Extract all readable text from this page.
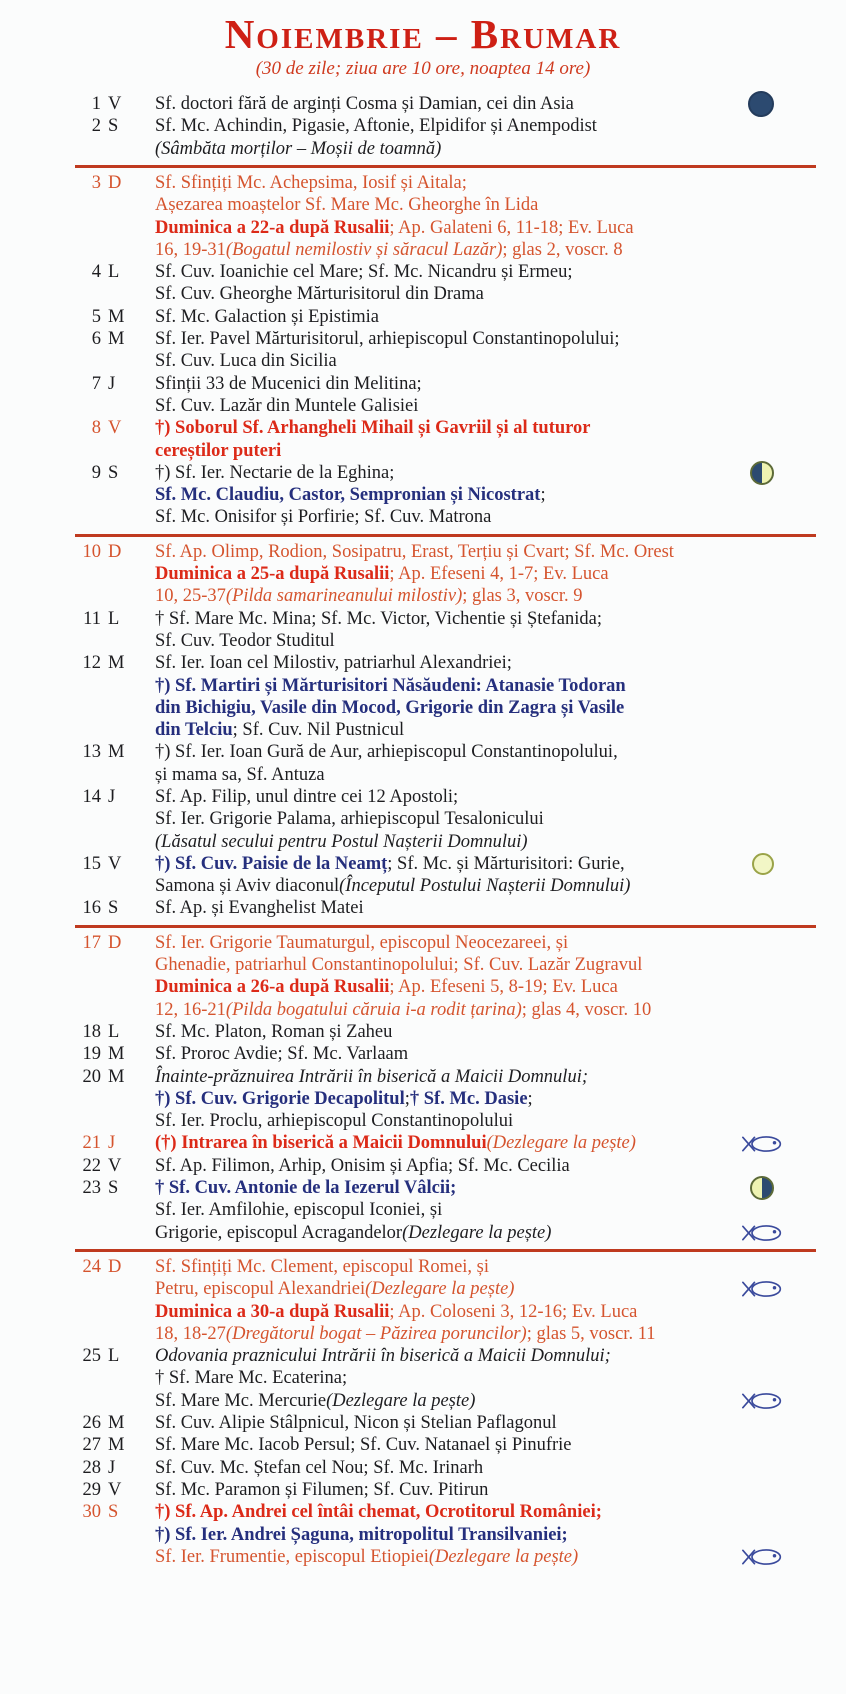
Noiembrie – Brumar
(30 de zile; ziua are 10 ore, noaptea 14 ore)
1 V Sf. doctori fără de arginți Cosma și Damian, cei din Asia
2 S Sf. Mc. Achindin, Pigasie, Aftonie, Elpidifor și Anempodist
(Sâmbăta morților – Moșii de toamnă)
3 D Sf. Sfințiți Mc. Achepsima, Iosif și Aitala;
Așezarea moaștelor Sf. Mare Mc. Gheorghe în Lida
Duminica a 22-a după Rusalii ; Ap. Galateni 6, 11-18; Ev. Luca
16, 19-31 (Bogatul nemilostiv și săracul Lazăr) ; glas 2, voscr. 8
4 L Sf. Cuv. Ioanichie cel Mare; Sf. Mc. Nicandru și Ermeu;
Sf. Cuv. Gheorghe Mărturisitorul din Drama
5 M Sf. Mc. Galaction și Epistimia
6 M Sf. Ier. Pavel Mărturisitorul, arhiepiscopul Constantinopolului;
Sf. Cuv. Luca din Sicilia
7 J Sfinții 33 de Mucenici din Melitina;
Sf. Cuv. Lazăr din Muntele Galisiei
8 V †) Soborul Sf. Arhangheli Mihail și Gavriil și al tuturor
cereștilor puteri
9 S †) Sf. Ier. Nectarie de la Eghina;
Sf. Mc. Claudiu, Castor, Sempronian și Nicostrat ;
Sf. Mc. Onisifor și Porfirie; Sf. Cuv. Matrona
10 D Sf. Ap. Olimp, Rodion, Sosipatru, Erast, Terțiu și Cvart; Sf. Mc. Orest
Duminica a 25-a după Rusalii ; Ap. Efeseni 4, 1-7; Ev. Luca
10, 25-37 (Pilda samarineanului milostiv) ; glas 3, voscr. 9
11 L † Sf. Mare Mc. Mina; Sf. Mc. Victor, Vichentie și Ștefanida;
Sf. Cuv. Teodor Studitul
12 M Sf. Ier. Ioan cel Milostiv, patriarhul Alexandriei;
†) Sf. Martiri și Mărturisitori Năsăudeni: Atanasie Todoran
din Bichigiu, Vasile din Mocod, Grigorie din Zagra și Vasile
din Telciu ; Sf. Cuv. Nil Pustnicul
13 M †) Sf. Ier. Ioan Gură de Aur, arhiepiscopul Constantinopolului,
și mama sa, Sf. Antuza
14 J Sf. Ap. Filip, unul dintre cei 12 Apostoli;
Sf. Ier. Grigorie Palama, arhiepiscopul Tesalonicului
(Lăsatul secului pentru Postul Nașterii Domnului)
15 V †) Sf. Cuv. Paisie de la Neamț ; Sf. Mc. și Mărturisitori: Gurie,
Samona și Aviv diaconul (Începutul Postului Nașterii Domnului)
16 S Sf. Ap. și Evanghelist Matei
17 D Sf. Ier. Grigorie Taumaturgul, episcopul Neocezareei, și
Ghenadie, patriarhul Constantinopolului; Sf. Cuv. Lazăr Zugravul
Duminica a 26-a după Rusalii ; Ap. Efeseni 5, 8-19; Ev. Luca
12, 16-21 (Pilda bogatului căruia i-a rodit țarina) ; glas 4, voscr. 10
18 L Sf. Mc. Platon, Roman și Zaheu
19 M Sf. Proroc Avdie; Sf. Mc. Varlaam
20 M Înainte-prăznuirea Intrării în biserică a Maicii Domnului;
†) Sf. Cuv. Grigorie Decapolitul ; † Sf. Mc. Dasie ;
Sf. Ier. Proclu, arhiepiscopul Constantinopolului
21 J (†) Intrarea în biserică a Maicii Domnului (Dezlegare la pește)
22 V Sf. Ap. Filimon, Arhip, Onisim și Apfia; Sf. Mc. Cecilia
23 S † Sf. Cuv. Antonie de la Iezerul Vâlcii;
Sf. Ier. Amfilohie, episcopul Iconiei, și
Grigorie, episcopul Acragandelor (Dezlegare la pește)
24 D Sf. Sfințiți Mc. Clement, episcopul Romei, și
Petru, episcopul Alexandriei (Dezlegare la pește)
Duminica a 30-a după Rusalii ; Ap. Coloseni 3, 12-16; Ev. Luca
18, 18-27 (Dregătorul bogat – Păzirea poruncilor) ; glas 5, voscr. 11
25 L Odovania praznicului Intrării în biserică a Maicii Domnului;
† Sf. Mare Mc. Ecaterina;
Sf. Mare Mc. Mercurie (Dezlegare la pește)
26 M Sf. Cuv. Alipie Stâlpnicul, Nicon și Stelian Paflagonul
27 M Sf. Mare Mc. Iacob Persul; Sf. Cuv. Natanael și Pinufrie
28 J Sf. Cuv. Mc. Ștefan cel Nou; Sf. Mc. Irinarh
29 V Sf. Mc. Paramon și Filumen; Sf. Cuv. Pitirun
30 S †) Sf. Ap. Andrei cel întâi chemat, Ocrotitorul României;
†) Sf. Ier. Andrei Șaguna, mitropolitul Transilvaniei;
Sf. Ier. Frumentie, episcopul Etiopiei (Dezlegare la pește)
